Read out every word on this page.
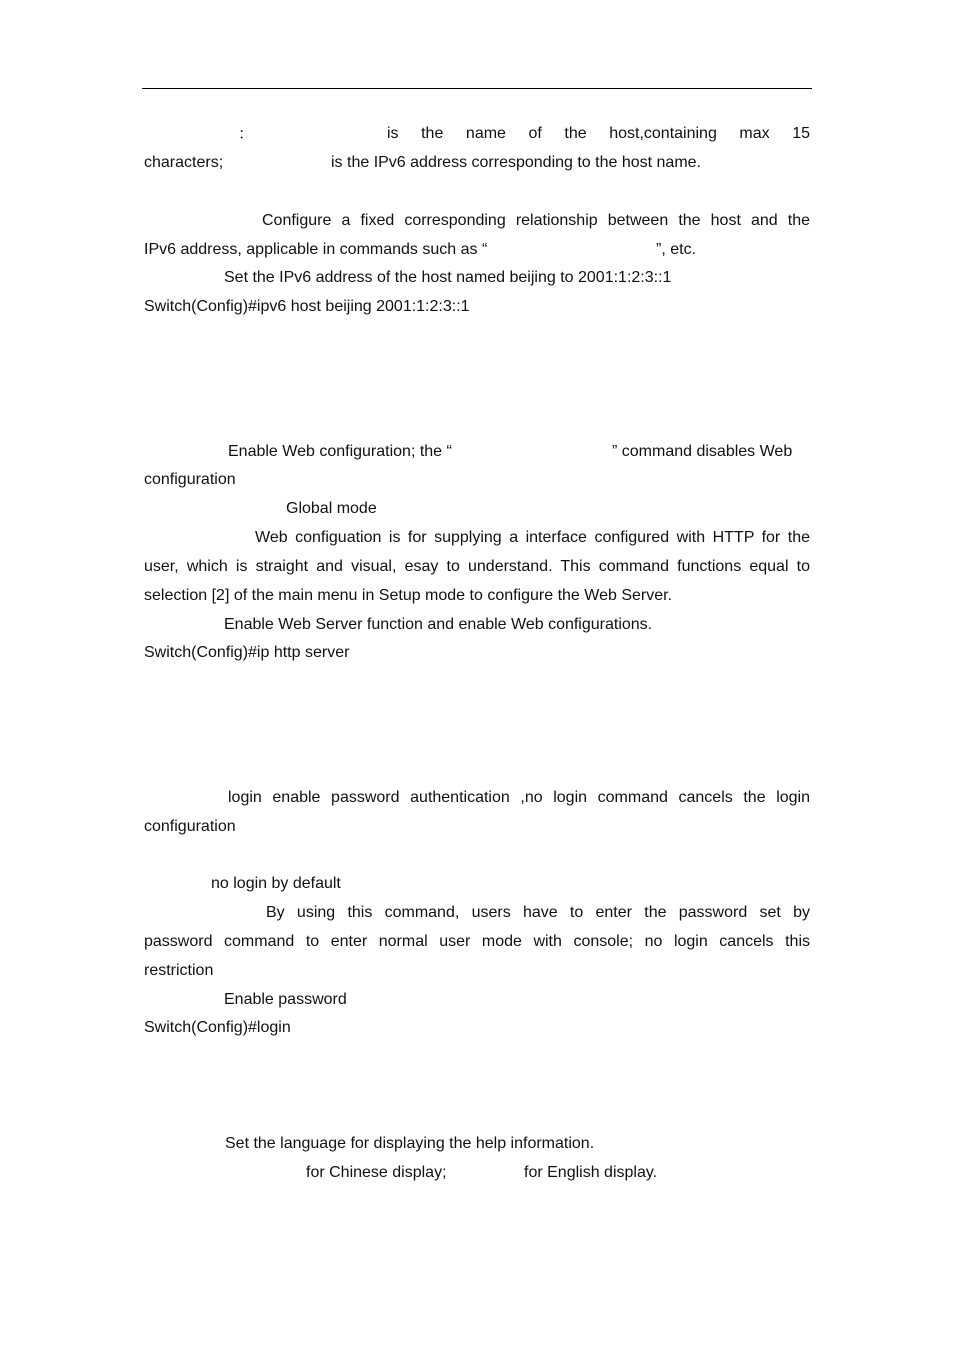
：	is the name of the host,containing max 15
characters;	is the IPv6 address corresponding to the host name.
Configure a fixed corresponding relationship between the host and the
IPv6 address, applicable in commands such as “	”, etc.
Set the IPv6 address of the host named beijing to 2001:1:2:3::1
Switch(Config)#ipv6 host beijing 2001:1:2:3::1
Enable Web configuration; the “	” command disables Web
configuration
Global mode
Web configuation is for supplying a interface configured with HTTP for the
user, which is straight and visual, esay to understand. This command functions equal to
selection [2] of the main menu in Setup mode to configure the Web Server.
Enable Web Server function and enable Web configurations.
Switch(Config)#ip http server
login enable password authentication ,no login command cancels the login
configuration
no login by default
By using this command, users have to enter the password set by
password command to enter normal user mode with console; no login cancels this
restriction
Enable password
Switch(Config)#login
Set the language for displaying the help information.
for Chinese display;	for English display.
